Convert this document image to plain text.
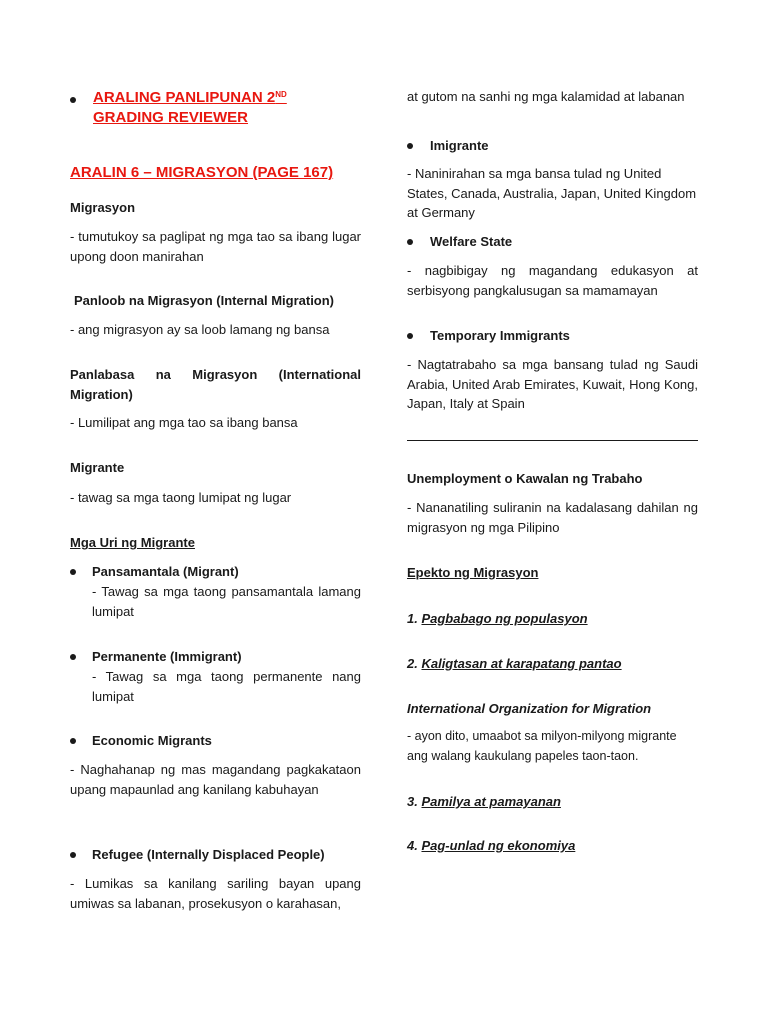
ARALING PANLIPUNAN 2ND
GRADING REVIEWER
ARALIN 6 – MIGRASYON (PAGE 167)
Migrasyon
- tumutukoy sa paglipat ng mga tao sa ibang lugar upong doon manirahan
Panloob na Migrasyon (Internal Migration)
- ang migrasyon ay sa loob lamang ng bansa
Panlabasa na Migrasyon (International Migration)
- Lumilipat ang mga tao sa ibang bansa
Migrante
- tawag sa mga taong lumipat ng lugar
Mga Uri ng Migrante
Pansamantala (Migrant)
- Tawag sa mga taong pansamantala lamang lumipat
Permanente (Immigrant)
- Tawag sa mga taong permanente nang lumipat
Economic Migrants
- Naghahanap ng mas magandang pagkakataon upang mapaunlad ang kanilang kabuhayan
Refugee (Internally Displaced People)
- Lumikas sa kanilang sariling bayan upang umiwas sa labanan, prosekusyon o karahasan,
at gutom na sanhi ng mga kalamidad at labanan
Imigrante
- Naninirahan sa mga bansa tulad ng United States, Canada, Australia, Japan, United Kingdom at Germany
Welfare State
- nagbibigay ng magandang edukasyon at serbisyong pangkalusugan sa mamamayan
Temporary Immigrants
- Nagtatrabaho sa mga bansang tulad ng Saudi Arabia, United Arab Emirates, Kuwait, Hong Kong, Japan, Italy at Spain
Unemployment o Kawalan ng Trabaho
- Nananatiling suliranin na kadalasang dahilan ng migrasyon ng mga Pilipino
Epekto ng Migrasyon
1. Pagbabago ng populasyon
2. Kaligtasan at karapatang pantao
International Organization for Migration
- ayon dito, umaabot sa milyon-milyong migrante ang walang kaukulang papeles taon-taon.
3. Pamilya at pamayanan
4. Pag-unlad ng ekonomiya
